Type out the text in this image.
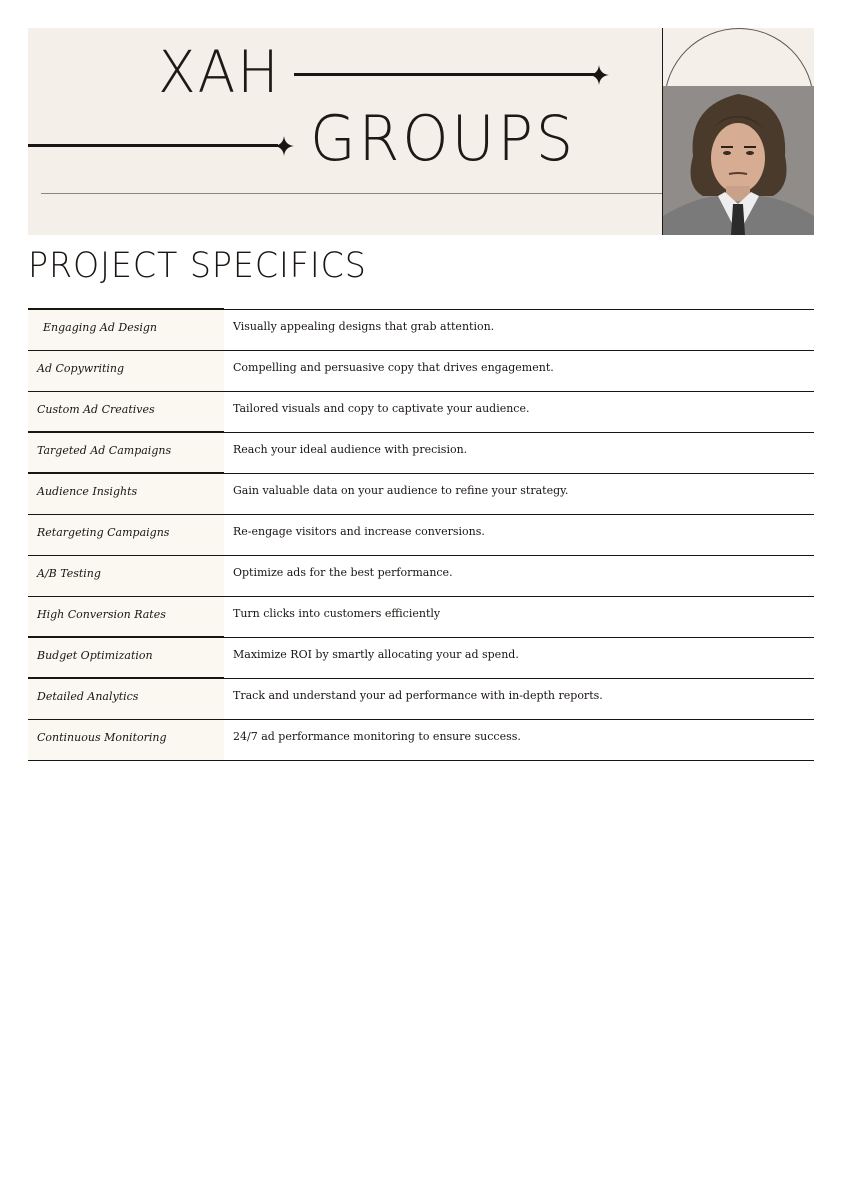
XAH
GROUPS
PROJECT SPECIFICS
Engaging Ad Design	Visually appealing designs that grab attention.
Ad Copywriting	Compelling and persuasive copy that drives engagement.
Custom Ad Creatives	Tailored visuals and copy to captivate your audience.
Targeted Ad Campaigns	Reach your ideal audience with precision.
Audience Insights	Gain valuable data on your audience to refine your strategy.
Retargeting Campaigns	Re-engage visitors and increase conversions.
A/B Testing	Optimize ads for the best performance.
High Conversion Rates	Turn clicks into customers efficiently
Budget Optimization	Maximize ROI by smartly allocating your ad spend.
Detailed Analytics	Track and understand your ad performance with in-depth reports.
Continuous Monitoring	24/7 ad performance monitoring to ensure success.
